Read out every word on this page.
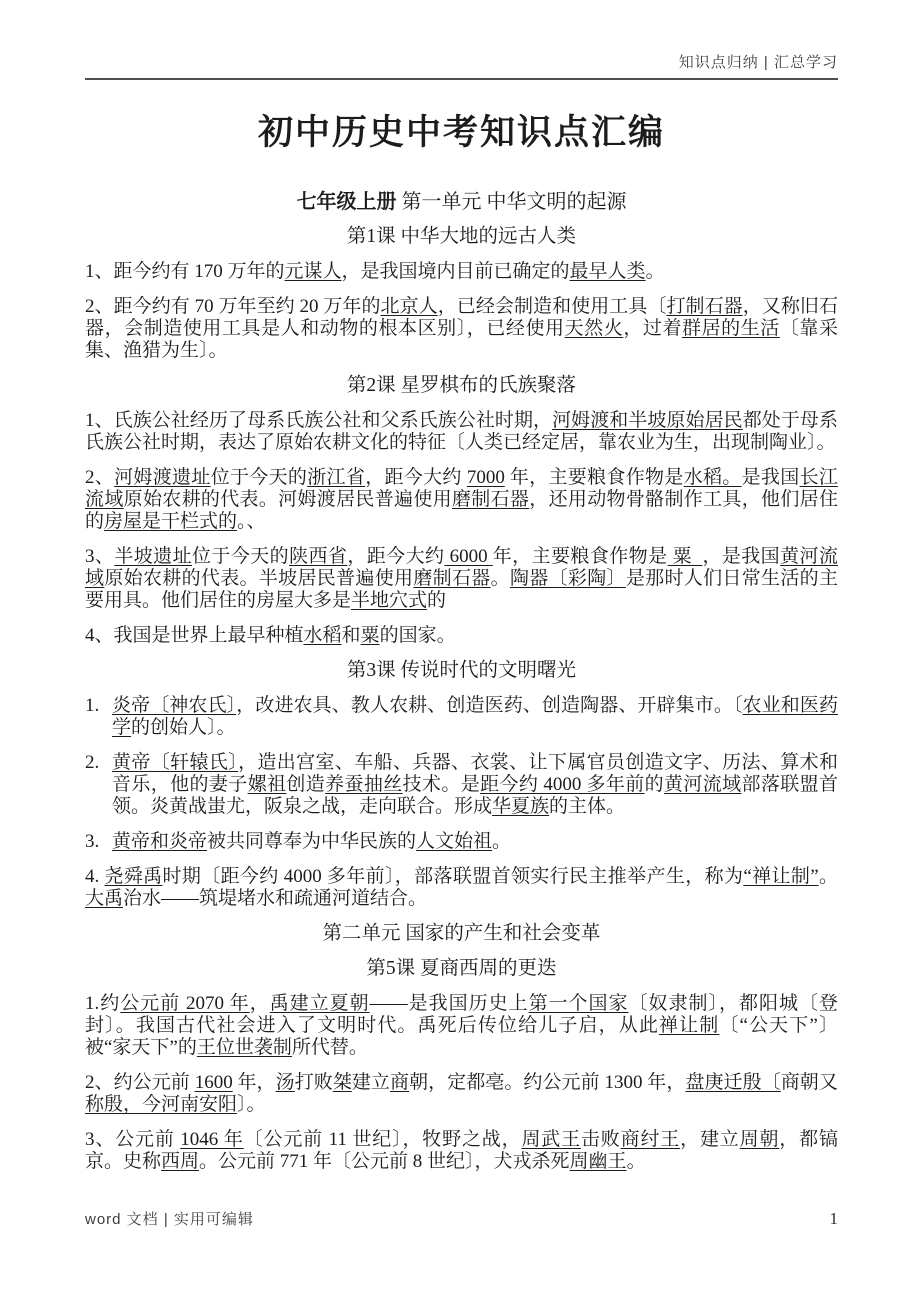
知识点归纳 | 汇总学习
初中历史中考知识点汇编
七年级上册 第一单元 中华文明的起源
第1课 中华大地的远古人类
1、距今约有 170 万年的元谋人，是我国境内目前已确定的最早人类。
2、距今约有 70 万年至约 20 万年的北京人，已经会制造和使用工具〔打制石器，又称旧石器，会制造使用工具是人和动物的根本区别〕，已经使用天然火，过着群居的生活〔靠采集、渔猎为生〕。
第2课 星罗棋布的氏族聚落
1、氏族公社经历了母系氏族公社和父系氏族公社时期，河姆渡和半坡原始居民都处于母系氏族公社时期，表达了原始农耕文化的特征〔人类已经定居，靠农业为生，出现制陶业〕。
2、河姆渡遗址位于今天的浙江省，距今大约 7000 年，主要粮食作物是水稻。是我国长江流域原始农耕的代表。河姆渡居民普遍使用磨制石器，还用动物骨骼制作工具，他们居住的房屋是干栏式的。、
3、半坡遗址位于今天的陕西省，距今大约 6000 年，主要粮食作物是 粟  ，是我国黄河流域原始农耕的代表。半坡居民普遍使用磨制石器。陶器〔彩陶〕是那时人们日常生活的主要用具。他们居住的房屋大多是半地穴式的
4、我国是世界上最早种植水稻和粟的国家。
第3课 传说时代的文明曙光
1. 炎帝〔神农氏〕，改进农具、教人农耕、创造医药、创造陶器、开辟集市。〔农业和医药学的创始人〕。
2. 黄帝〔轩辕氏〕，造出宫室、车船、兵器、衣裳、让下属官员创造文字、历法、算术和音乐，他的妻子嫘祖创造养蚕抽丝技术。是距今约 4000 多年前的黄河流域部落联盟首领。炎黄战蚩尤，阪泉之战，走向联合。形成华夏族的主体。
3. 黄帝和炎帝被共同尊奉为中华民族的人文始祖。
4. 尧舜禹时期〔距今约 4000 多年前〕，部落联盟首领实行民主推举产生，称为“禅让制”。大禹治水——筑堤堵水和疏通河道结合。
第二单元 国家的产生和社会变革
第5课 夏商西周的更迭
1.约公元前 2070 年，禹建立夏朝——是我国历史上第一个国家〔奴隶制〕，都阳城〔登封〕。我国古代社会进入了文明时代。禹死后传位给儿子启，从此禅让制〔“公天下”〕被“家天下”的王位世袭制所代替。
2、约公元前 1600 年，汤打败桀建立商朝，定都亳。约公元前 1300 年，盘庚迁殷〔商朝又称殷，今河南安阳〕。
3、公元前 1046 年〔公元前 11 世纪〕，牧野之战，周武王击败商纣王，建立周朝，都镐京。史称西周。公元前 771 年〔公元前 8 世纪〕，犬戎杀死周幽王。
word 文档 | 实用可编辑	1
